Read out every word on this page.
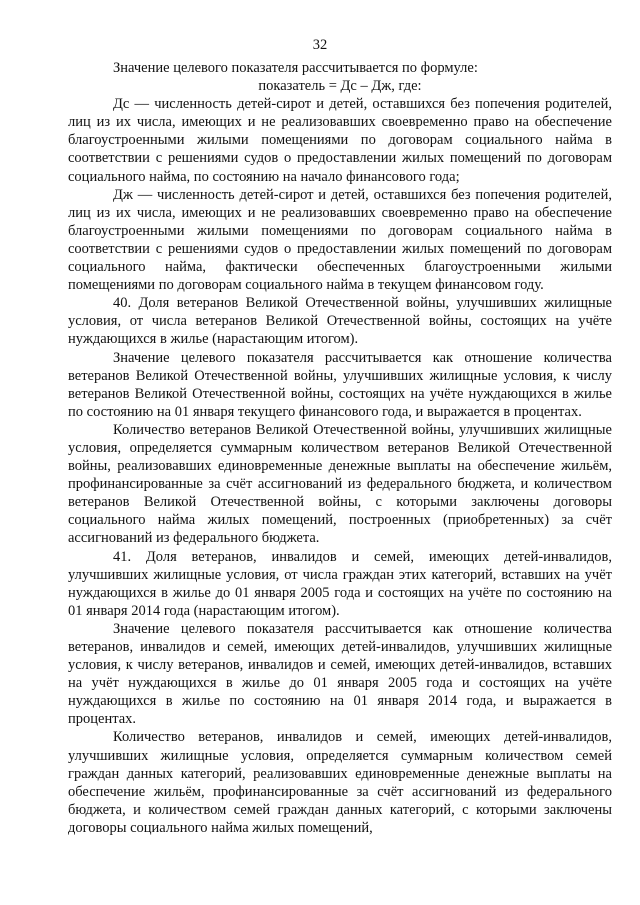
32

Значение целевого показателя рассчитывается по формуле:

показатель = Дс – Дж, где:

Дс — численность детей-сирот и детей, оставшихся без попечения родителей, лиц из их числа, имеющих и не реализовавших своевременно право на обеспечение благоустроенными жилыми помещениями по договорам социального найма в соответствии с решениями судов о предоставлении жилых помещений по договорам социального найма, по состоянию на начало финансового года;

Дж — численность детей-сирот и детей, оставшихся без попечения родителей, лиц из их числа, имеющих и не реализовавших своевременно право на обеспечение благоустроенными жилыми помещениями по договорам социального найма в соответствии с решениями судов о предоставлении жилых помещений по договорам социального найма, фактически обеспеченных благоустроенными жилыми помещениями по договорам социального найма в текущем финансовом году.

40. Доля ветеранов Великой Отечественной войны, улучшивших жилищные условия, от числа ветеранов Великой Отечественной войны, состоящих на учёте нуждающихся в жилье (нарастающим итогом).

Значение целевого показателя рассчитывается как отношение количества ветеранов Великой Отечественной войны, улучшивших жилищные условия, к числу ветеранов Великой Отечественной войны, состоящих на учёте нуждающихся в жилье по состоянию на 01 января текущего финансового года, и выражается в процентах.

Количество ветеранов Великой Отечественной войны, улучшивших жилищные условия, определяется суммарным количеством ветеранов Великой Отечественной войны, реализовавших единовременные денежные выплаты на обеспечение жильём, профинансированные за счёт ассигнований из федерального бюджета, и количеством ветеранов Великой Отечественной войны, с которыми заключены договоры социального найма жилых помещений, построенных (приобретенных) за счёт ассигнований из федерального бюджета.

41. Доля ветеранов, инвалидов и семей, имеющих детей-инвалидов, улучшивших жилищные условия, от числа граждан этих категорий, вставших на учёт нуждающихся в жилье до 01 января 2005 года и состоящих на учёте по состоянию на 01 января 2014 года (нарастающим итогом).

Значение целевого показателя рассчитывается как отношение количества ветеранов, инвалидов и семей, имеющих детей-инвалидов, улучшивших жилищные условия, к числу ветеранов, инвалидов и семей, имеющих детей-инвалидов, вставших на учёт нуждающихся в жилье до 01 января 2005 года и состоящих на учёте нуждающихся в жилье по состоянию на 01 января 2014 года, и выражается в процентах.

Количество ветеранов, инвалидов и семей, имеющих детей-инвалидов, улучшивших жилищные условия, определяется суммарным количеством семей граждан данных категорий, реализовавших единовременные денежные выплаты на обеспечение жильём, профинансированные за счёт ассигнований из федерального бюджета, и количеством семей граждан данных категорий, с которыми заключены договоры социального найма жилых помещений,
